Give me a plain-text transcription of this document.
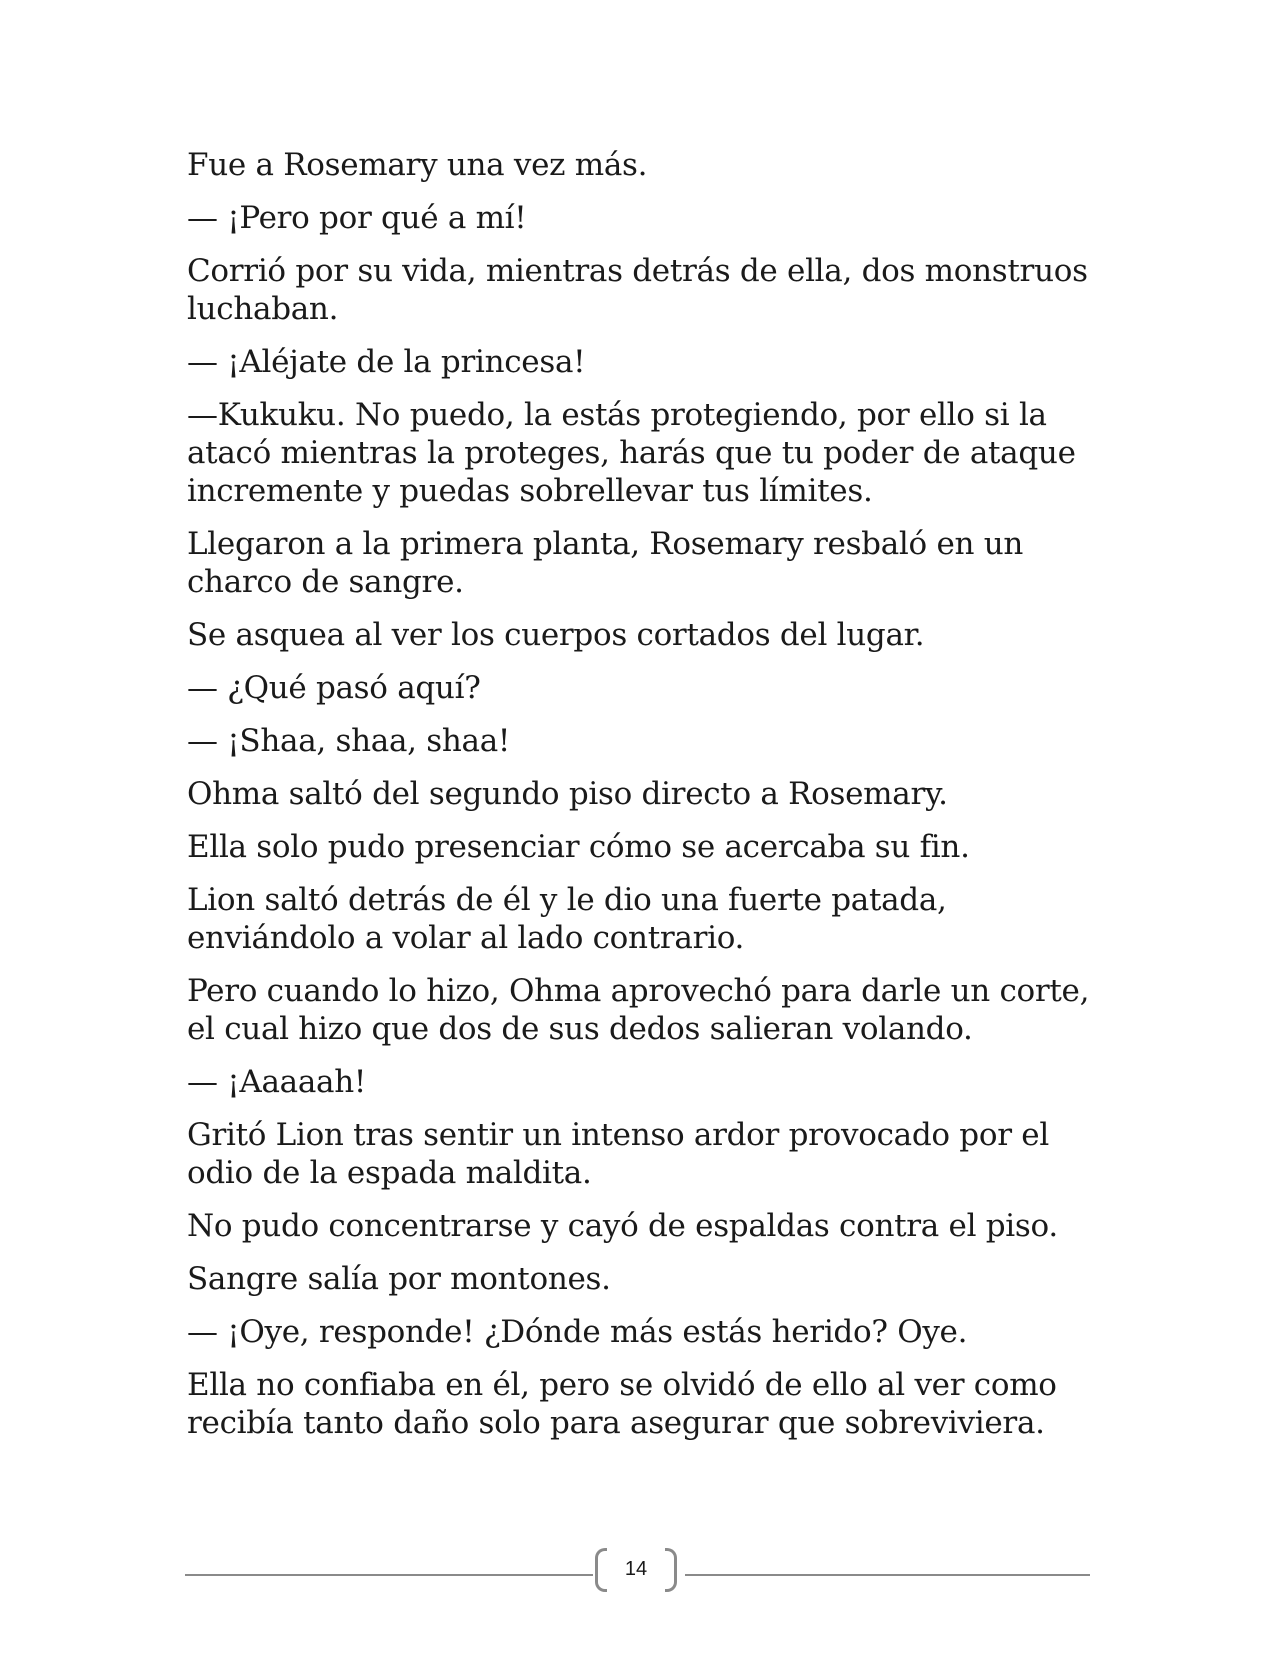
Fue a Rosemary una vez más.

— ¡Pero por qué a mí!

Corrió por su vida, mientras detrás de ella, dos monstruos luchaban.

— ¡Aléjate de la princesa!

—Kukuku. No puedo, la estás protegiendo, por ello si la atacó mientras la proteges, harás que tu poder de ataque incremente y puedas sobrellevar tus límites.

Llegaron a la primera planta, Rosemary resbaló en un charco de sangre.

Se asquea al ver los cuerpos cortados del lugar.

— ¿Qué pasó aquí?

— ¡Shaa, shaa, shaa!

Ohma saltó del segundo piso directo a Rosemary.

Ella solo pudo presenciar cómo se acercaba su fin.

Lion saltó detrás de él y le dio una fuerte patada, enviándolo a volar al lado contrario.

Pero cuando lo hizo, Ohma aprovechó para darle un corte, el cual hizo que dos de sus dedos salieran volando.

— ¡Aaaaah!

Gritó Lion tras sentir un intenso ardor provocado por el odio de la espada maldita.

No pudo concentrarse y cayó de espaldas contra el piso.

Sangre salía por montones.

— ¡Oye, responde! ¿Dónde más estás herido? Oye.

Ella no confiaba en él, pero se olvidó de ello al ver como recibía tanto daño solo para asegurar que sobreviviera.

14
